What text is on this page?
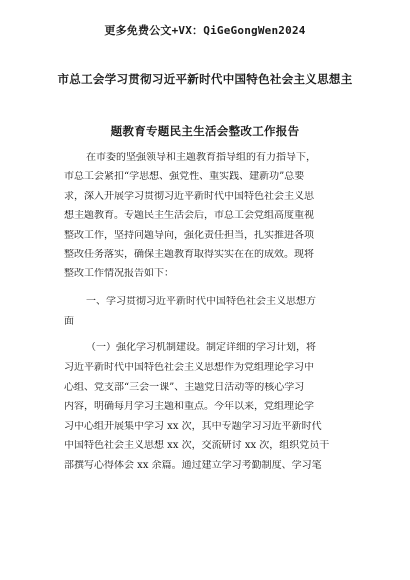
更多免费公文+VX：QiGeGongWen2024
市总工会学习贯彻习近平新时代中国特色社会主义思想主
题教育专题民主生活会整改工作报告
在市委的坚强领导和主题教育指导组的有力指导下，
市总工会紧扣“学思想、强党性、重实践、建新功”总要
求，深入开展学习贯彻习近平新时代中国特色社会主义思
想主题教育。专题民主生活会后，市总工会党组高度重视
整改工作，坚持问题导向，强化责任担当，扎实推进各项
整改任务落实，确保主题教育取得实实在在的成效。现将
整改工作情况报告如下：
一、学习贯彻习近平新时代中国特色社会主义思想方
面
（一）强化学习机制建设。制定详细的学习计划，将
习近平新时代中国特色社会主义思想作为党组理论学习中
心组、党支部“三会一课”、主题党日活动等的核心学习
内容，明确每月学习主题和重点。今年以来，党组理论学
习中心组开展集中学习 xx 次，其中专题学习习近平新时代
中国特色社会主义思想 xx 次，交流研讨 xx 次，组织党员干
部撰写心得体会 xx 余篇。通过建立学习考勤制度、学习笔
